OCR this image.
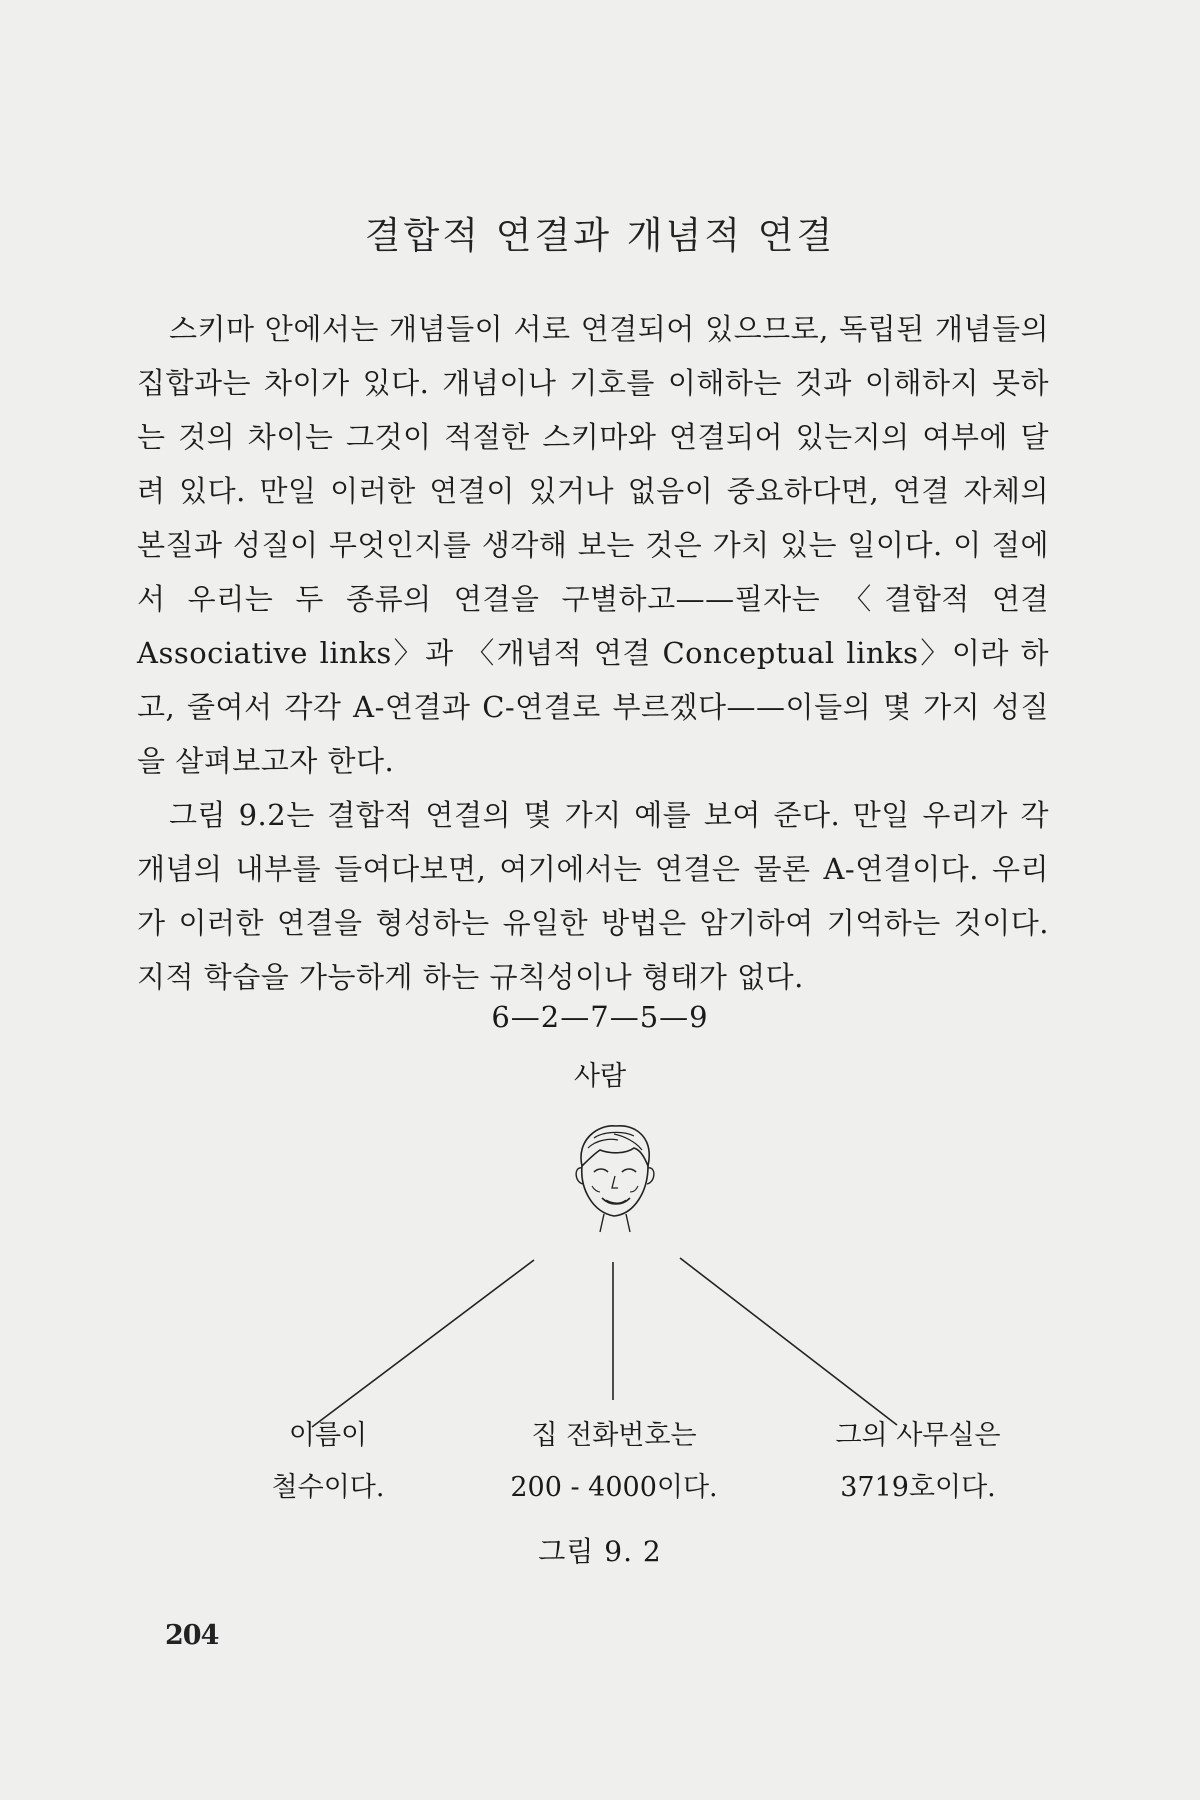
결합적 연결과 개념적 연결

스키마 안에서는 개념들이 서로 연결되어 있으므로, 독립된 개념들의 집합과는 차이가 있다. 개념이나 기호를 이해하는 것과 이해하지 못하는 것의 차이는 그것이 적절한 스키마와 연결되어 있는지의 여부에 달려 있다. 만일 이러한 연결이 있거나 없음이 중요하다면, 연결 자체의 본질과 성질이 무엇인지를 생각해 보는 것은 가치 있는 일이다. 이 절에서 우리는 두 종류의 연결을 구별하고——필자는 〈결합적 연결 Associative links〉과 〈개념적 연결 Conceptual links〉이라 하고, 줄여서 각각 A-연결과 C-연결로 부르겠다——이들의 몇 가지 성질을 살펴보고자 한다.

그림 9.2는 결합적 연결의 몇 가지 예를 보여 준다. 만일 우리가 각 개념의 내부를 들여다보면, 여기에서는 연결은 물론 A-연결이다. 우리가 이러한 연결을 형성하는 유일한 방법은 암기하여 기억하는 것이다. 지적 학습을 가능하게 하는 규칙성이나 형태가 없다.

6—2—7—5—9
사람
이름이
철수이다.
집 전화번호는
200 - 4000이다.
그의 사무실은
3719호이다.
그림 9. 2
204
